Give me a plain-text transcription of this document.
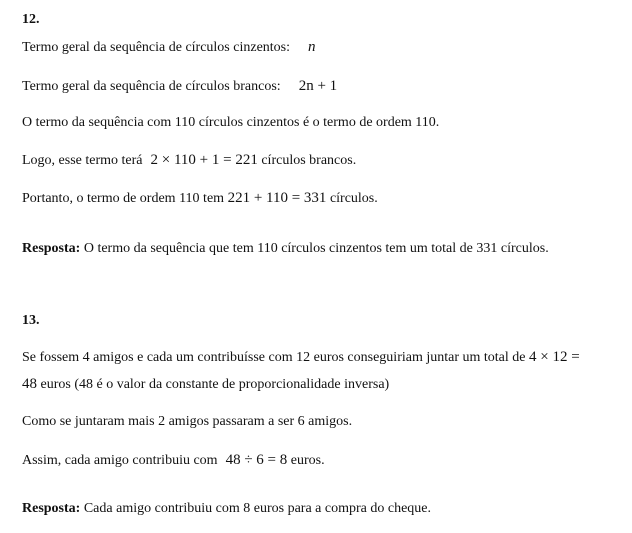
12.
Termo geral da sequência de círculos cinzentos: n
Termo geral da sequência de círculos brancos: 2n + 1
O termo da sequência com 110 círculos cinzentos é o termo de ordem 110.
Logo, esse termo terá 2 × 110 + 1 = 221 círculos brancos.
Portanto, o termo de ordem 110 tem 221 + 110 = 331 círculos.
Resposta: O termo da sequência que tem 110 círculos cinzentos tem um total de 331 círculos.
13.
Se fossem 4 amigos e cada um contribuísse com 12 euros conseguiriam juntar um total de 4 × 12 =
48 euros (48 é o valor da constante de proporcionalidade inversa)
Como se juntaram mais 2 amigos passaram a ser 6 amigos.
Assim, cada amigo contribuiu com 48 ÷ 6 = 8 euros.
Resposta: Cada amigo contribuiu com 8 euros para a compra do cheque.
